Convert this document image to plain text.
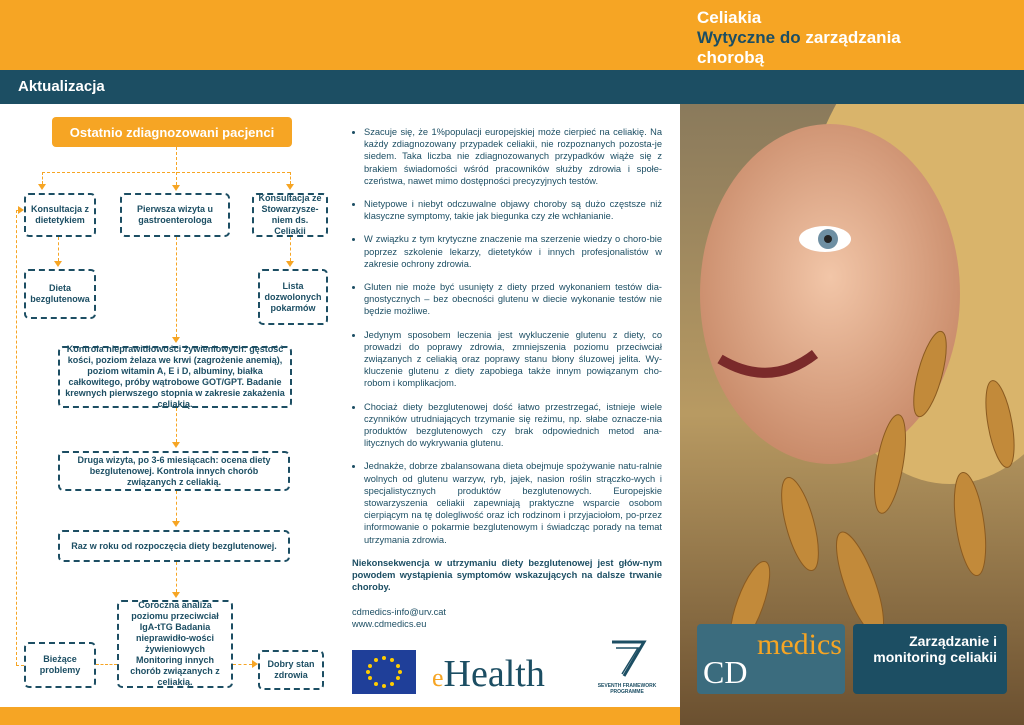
Celiakia
Wytyczne do zarządzania
chorobą
Aktualizacja
Ostatnio zdiagnozowani pacjenci
Konsultacja z dietetykiem
Pierwsza wizyta u gastroenterologa
Konsultacja ze Stowarzysze-niem ds. Celiakii
Dieta bezglutenowa
Lista dozwolonych pokarmów
Kontrola nieprawidłowości żywieniowych: gęstość kości, poziom żelaza we krwi (zagrożenie anemią), poziom witamin A, E i D, albuminy, białka całkowitego, próby wątrobowe GOT/GPT. Badanie krewnych pierwszego stopnia w zakresie zakażenia celiakią.
Druga wizyta, po 3-6 miesiącach: ocena diety bezglutenowej. Kontrola innych chorób związanych z celiakią.
Raz w roku od rozpoczęcia diety bezglutenowej.
Coroczna analiza poziomu przeciwciał IgA-tTG Badania nieprawidło-wości żywieniowych Monitoring innych chorób związanych z celiakią.
Bieżące problemy
Dobry stan zdrowia
• Szacuje się, że 1%populacji europejskiej może cierpieć na celiakię. Na każdy zdiagnozowany przypadek celiakii, nie rozpoznanych pozosta-je siedem. Taka liczba nie zdiagnozowanych przypadków wiąże się z brakiem świadomości wśród pracowników służby zdrowia i społe-czeństwa, nawet mimo dostępności precyzyjnych testów.
• Nietypowe i niebyt odczuwalne objawy choroby są dużo częstsze niż klasyczne symptomy, takie jak biegunka czy złe wchłanianie.
• W związku z tym krytyczne znaczenie ma szerzenie wiedzy o choro-bie poprzez szkolenie lekarzy, dietetyków i innych profesjonalistów w zakresie ochrony zdrowia.
• Gluten nie może być usunięty z diety przed wykonaniem testów dia-gnostycznych – bez obecności glutenu w diecie wykonanie testów nie będzie możliwe.
• Jedynym sposobem leczenia jest wykluczenie glutenu z diety, co prowadzi do poprawy zdrowia, zmniejszenia poziomu przeciwciał związanych z celiakią oraz poprawy stanu błony śluzowej jelita. Wy-kluczenie glutenu z diety zapobiega także innym powiązanym cho-robom i komplikacjom.
• Chociaż diety bezglutenowej dość łatwo przestrzegać, istnieje wiele czynników utrudniających trzymanie się reżimu, np. słabe oznacze-nia produktów bezglutenowych czy brak odpowiednich metod ana-litycznych do wykrywania glutenu.
• Jednakże, dobrze zbalansowana dieta obejmuje spożywanie natu-ralnie wolnych od glutenu warzyw, ryb, jajek, nasion roślin strączko-wych i specjalistycznych produktów bezglutenowych. Europejskie stowarzyszenia celiakii zapewniają praktyczne wsparcie osobom cierpiącym na tę dolegliwość oraz ich rodzinom i przyjaciołom, po-przez informowanie o pokarmie bezglutenowym i świadcząc porady na temat utrzymania zdrowia.
Niekonsekwencja w utrzymaniu diety bezglutenowej jest głów-nym powodem wystąpienia symptomów wskazujących na dalsze trwanie choroby.
cdmedics-info@urv.cat
www.cdmedics.eu
medics
CD
Zarządzanie i monitoring celiakii
eHealth	SEVENTH FRAMEWORK
PROGRAMME
